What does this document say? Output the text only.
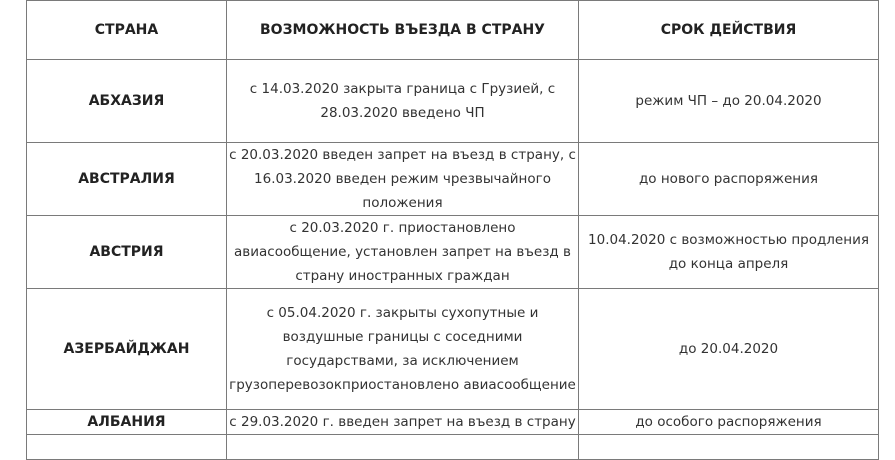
СТРАНА	ВОЗМОЖНОСТЬ ВЪЕЗДА В СТРАНУ	СРОК ДЕЙСТВИЯ
АБХАЗИЯ	с 14.03.2020 закрыта граница с Грузией, с 28.03.2020 введено ЧП	режим ЧП – до 20.04.2020
АВСТРАЛИЯ	с 20.03.2020 введен запрет на въезд в страну, с 16.03.2020 введен режим чрезвычайного положения	до нового распоряжения
АВСТРИЯ	с 20.03.2020 г. приостановлено авиасообщение, установлен запрет на въезд в страну иностранных граждан	10.04.2020 с возможностью продления до конца апреля
АЗЕРБАЙДЖАН	с 05.04.2020 г. закрыты сухопутные и воздушные границы с соседними государствами, за исключением грузоперевозокприостановлено авиасообщение	до 20.04.2020
АЛБАНИЯ	с 29.03.2020 г. введен запрет на въезд в страну	до особого распоряжения
